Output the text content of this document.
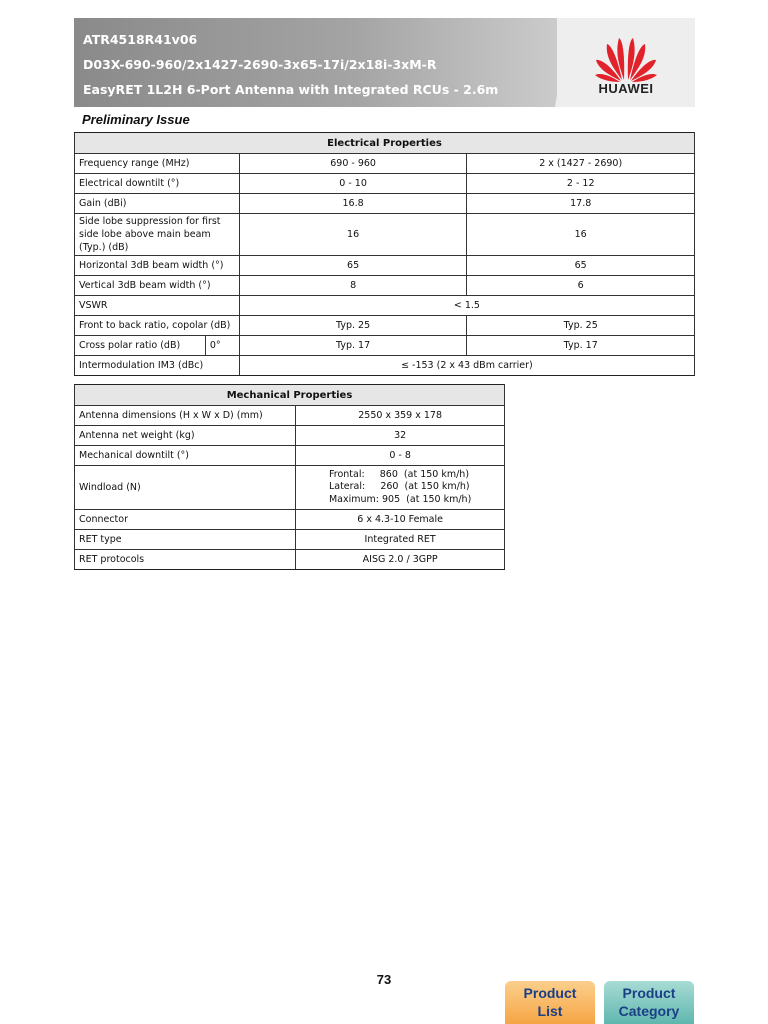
ATR4518R41v06
D03X-690-960/2x1427-2690-3x65-17i/2x18i-3xM-R
EasyRET 1L2H 6-Port Antenna with Integrated RCUs - 2.6m	HUAWEI
Preliminary Issue
Electrical Properties			
Frequency range (MHz)		690 - 960	2 x (1427 - 2690)
Electrical downtilt (°)		0 - 10	2 - 12
Gain (dBi)		16.8	17.8
Side lobe suppression for first side lobe above main beam (Typ.) (dB)		16	16
Horizontal 3dB beam width (°)		65	65
Vertical 3dB beam width (°)		8	6
VSWR		< 1.5	
Front to back ratio, copolar (dB)		Typ. 25	Typ. 25
Cross polar ratio (dB)	0°	Typ. 17	Typ. 17
Intermodulation IM3 (dBc)		≤ -153 (2 x 43 dBm carrier)	
Mechanical Properties	
Antenna dimensions (H x W x D) (mm)	2550 x 359 x 178
Antenna net weight (kg)	32
Mechanical downtilt (°)	0 - 8
Windload (N)	Frontal:     860  (at 150 km/h)
Lateral:     260  (at 150 km/h)
Maximum: 905  (at 150 km/h)
Connector	6 x 4.3-10 Female
RET type	Integrated RET
RET protocols	AISG 2.0 / 3GPP
73
Product
List
Product
Category
